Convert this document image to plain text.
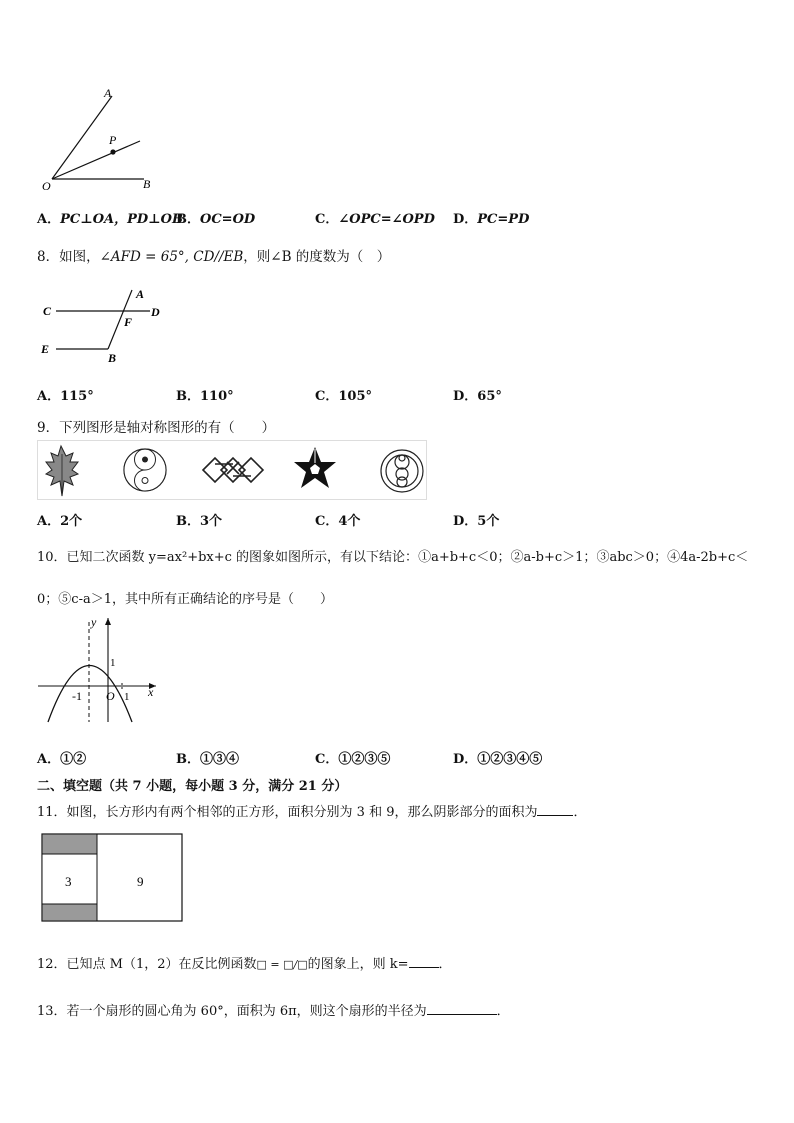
A
P
O	B
A．PC⊥OA，PD⊥OB
B．OC=OD	C．∠OPC=∠OPD D．PC=PD
8．如图，∠AFD = 65°, CD//EB，则∠B 的度数为（　）
A
C	D
F
E
B
A．115°	B．110°	C．105°	D．65°
9．下列图形是轴对称图形的有（　　）
A．2个	B．3个	C．4个	D．5个
10．已知二次函数 y=ax²+bx+c 的图象如图所示，有以下结论：①a+b+c＜0；②a-b+c＞1；③abc＞0；④4a-2b+c＜
0；⑤c-a＞1，其中所有正确结论的序号是（　　）
y
x
1
-1 O 1
A．①②	B．①③④	C．①②③⑤	D．①②③④⑤
二、填空题（共 7 小题，每小题 3 分，满分 21 分）
11．如图，长方形内有两个相邻的正方形，面积分别为 3 和 9，那么阴影部分的面积为	．
3	9
12．已知点 M（1，2）在反比例函数□ = □/□的图象上，则 k= ．
13．若一个扇形的圆心角为 60°，面积为 6π，则这个扇形的半径为	．
